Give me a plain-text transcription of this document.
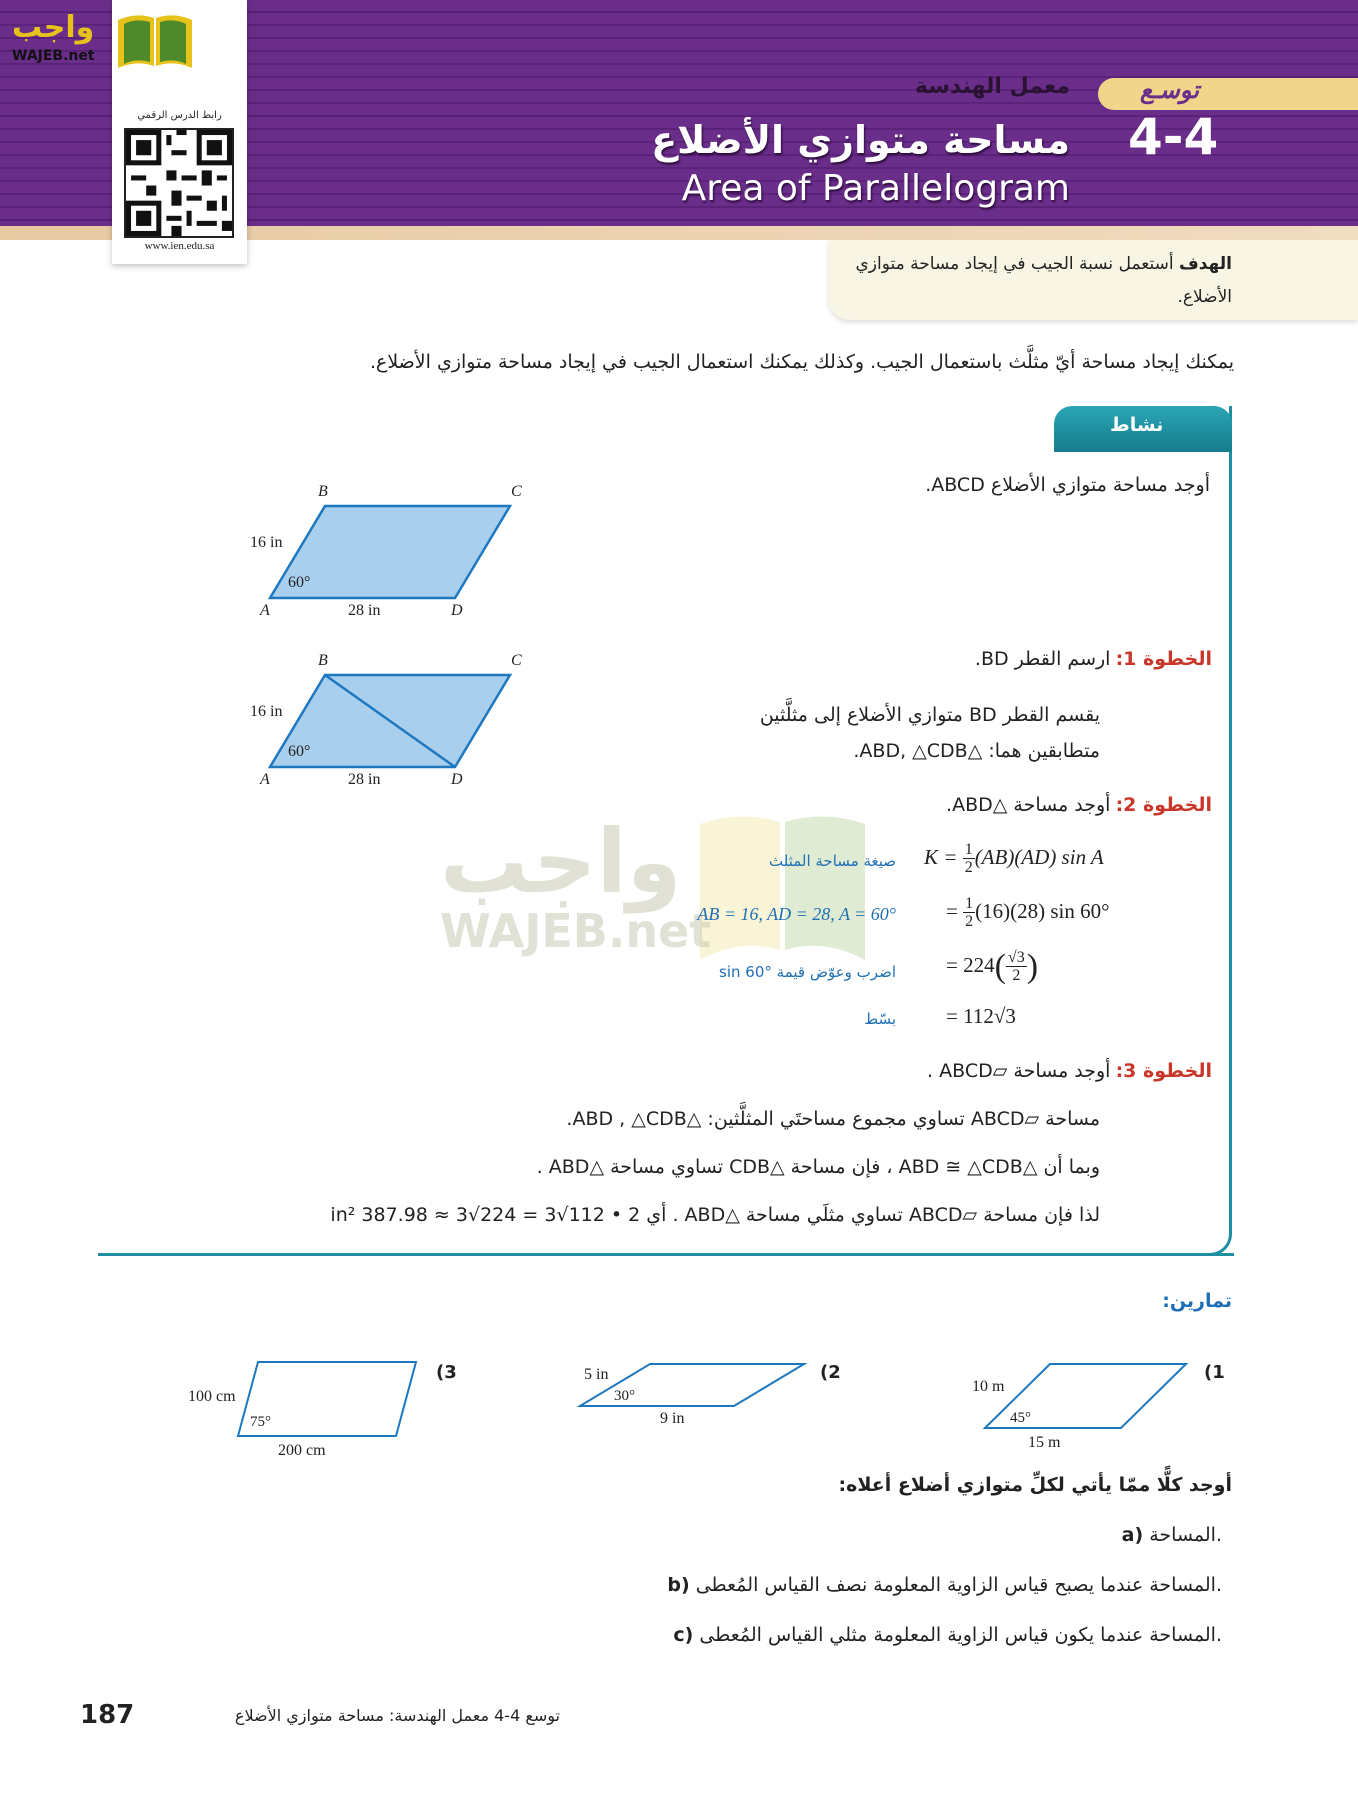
رابط الدرس الرقمي
www.ien.edu.sa
واجب
WAJEB.net
توسـع
4-4
معمل الهندسة
مساحة متوازي الأضلاع
Area of Parallelogram
الهدف أستعمل نسبة الجيب في إيجاد مساحة متوازي الأضلاع.
يمكنك إيجاد مساحة أيّ مثلَّث باستعمال الجيب. وكذلك يمكنك استعمال الجيب في إيجاد مساحة متوازي الأضلاع.
نشاط
أوجد مساحة متوازي الأضلاع ABCD.
B	C
A	D
16 in
28 in
60°
B	C
A	D
16 in
28 in
60°
الخطوة 1: ارسم القطر BD.
يقسم القطر BD متوازي الأضلاع إلى مثلَّثين
متطابقين هما: △ABD, △CDB.
واجب
WAJEB.net
الخطوة 2: أوجد مساحة △ABD.
$K = \frac{1}{2} (AB)(AD)$ sin A
صيغة مساحة المثلث
= $\frac{1}{2} (16)(28)$ sin 60°
AB = 16, AD = 28, A = 60°
= $224( \frac{√3}{2}$ )
اضرب وعوّض قيمة sin 60°
= 112√3
بسّط
الخطوة 3: أوجد مساحة ▱ABCD .
مساحة ▱ABCD تساوي مجموع مساحتَي المثلَّثين: △ABD , △CDB.
وبما أن △ABD ≅ △CDB ، فإن مساحة △CDB تساوي مساحة △ABD .
لذا فإن مساحة ▱ABCD تساوي مثلَي مساحة △ABD . أي 2 • 112√3 = 224√3 ≈ 387.98 in²
تمارين:
(1
10 m
15 m
45°
(2
5 in
9 in
30°
(3
100 cm
200 cm
75°
أوجد كلًّا ممّا يأتي لكلِّ متوازي أضلاع أعلاه:
a) المساحة.
b) المساحة عندما يصبح قياس الزاوية المعلومة نصف القياس المُعطى.
c) المساحة عندما يكون قياس الزاوية المعلومة مثلي القياس المُعطى.
187	توسع 4-4 معمل الهندسة: مساحة متوازي الأضلاع
